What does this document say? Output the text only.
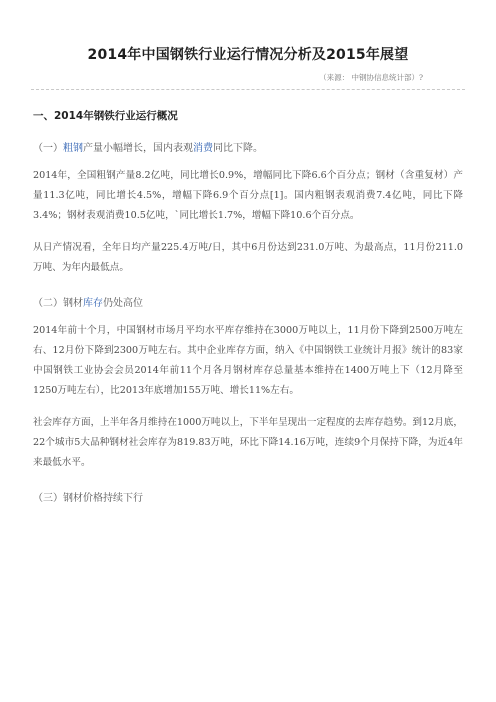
2014年中国钢铁行业运行情况分析及2015年展望
（来源： 中钢协信息统计部）?
一、2014年钢铁行业运行概况
（一）粗钢产量小幅增长，国内表观消费同比下降。
2014年，全国粗钢产量8.2亿吨，同比增长0.9%，增幅同比下降6.6个百分点；钢材（含重复材）产量11.3亿吨，同比增长4.5%，增幅下降6.9个百分点[1]。国内粗钢表观消费7.4亿吨，同比下降3.4%；钢材表观消费10.5亿吨，`同比增长1.7%，增幅下降10.6个百分点。
从日产情况看，全年日均产量225.4万吨/日，其中6月份达到231.0万吨、为最高点，11月份211.0万吨、为年内最低点。
（二）钢材库存仍处高位
2014年前十个月，中国钢材市场月平均水平库存维持在3000万吨以上，11月份下降到2500万吨左右、12月份下降到2300万吨左右。其中企业库存方面，纳入《中国钢铁工业统计月报》统计的83家中国钢铁工业协会会员2014年前11个月各月钢材库存总量基本维持在1400万吨上下（12月降至1250万吨左右），比2013年底增加155万吨、增长11%左右。
社会库存方面，上半年各月维持在1000万吨以上，下半年呈现出一定程度的去库存趋势。到12月底，22个城市5大品种钢材社会库存为819.83万吨，环比下降14.16万吨，连续9个月保持下降，为近4年来最低水平。
（三）钢材价格持续下行
